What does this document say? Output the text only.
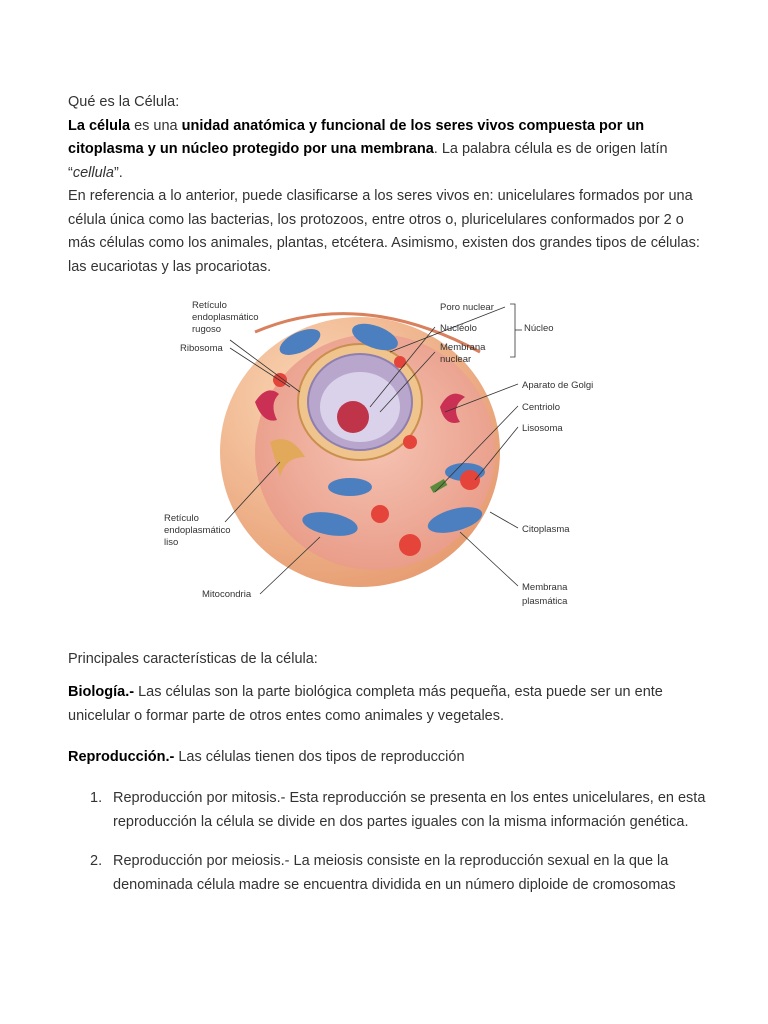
Qué es la Célula:

La célula es una unidad anatómica y funcional de los seres vivos compuesta por un citoplasma y un núcleo protegido por una membrana. La palabra célula es de origen latín “cellula”.

En referencia a lo anterior, puede clasificarse a los seres vivos en: unicelulares formados por una célula única como las bacterias, los protozoos, entre otros o, pluricelulares conformados por 2 o más células como los animales, plantas, etcétera. Asimismo, existen dos grandes tipos de células: las eucariotas y las procariotas.

Retículo
endoplasmático
rugoso
Ribosoma
Poro nuclear
Nucléolo
Membrana
nuclear
Núcleo
Aparato de Golgi
Centriolo
Lisosoma
Retículo
endoplasmático
liso
Citoplasma
Mitocondria
Membrana
plasmática
Principales características de la célula:
Biología.- Las células son la parte biológica completa más pequeña, esta puede ser un ente unicelular o formar parte de otros entes como animales y vegetales.
Reproducción.- Las células tienen dos tipos de reproducción
1. Reproducción por mitosis.- Esta reproducción se presenta en los entes unicelulares, en esta reproducción la célula se divide en dos partes iguales con la misma información genética.
2. Reproducción por meiosis.- La meiosis consiste en la reproducción sexual en la que la denominada célula madre se encuentra dividida en un número diploide de cromosomas
